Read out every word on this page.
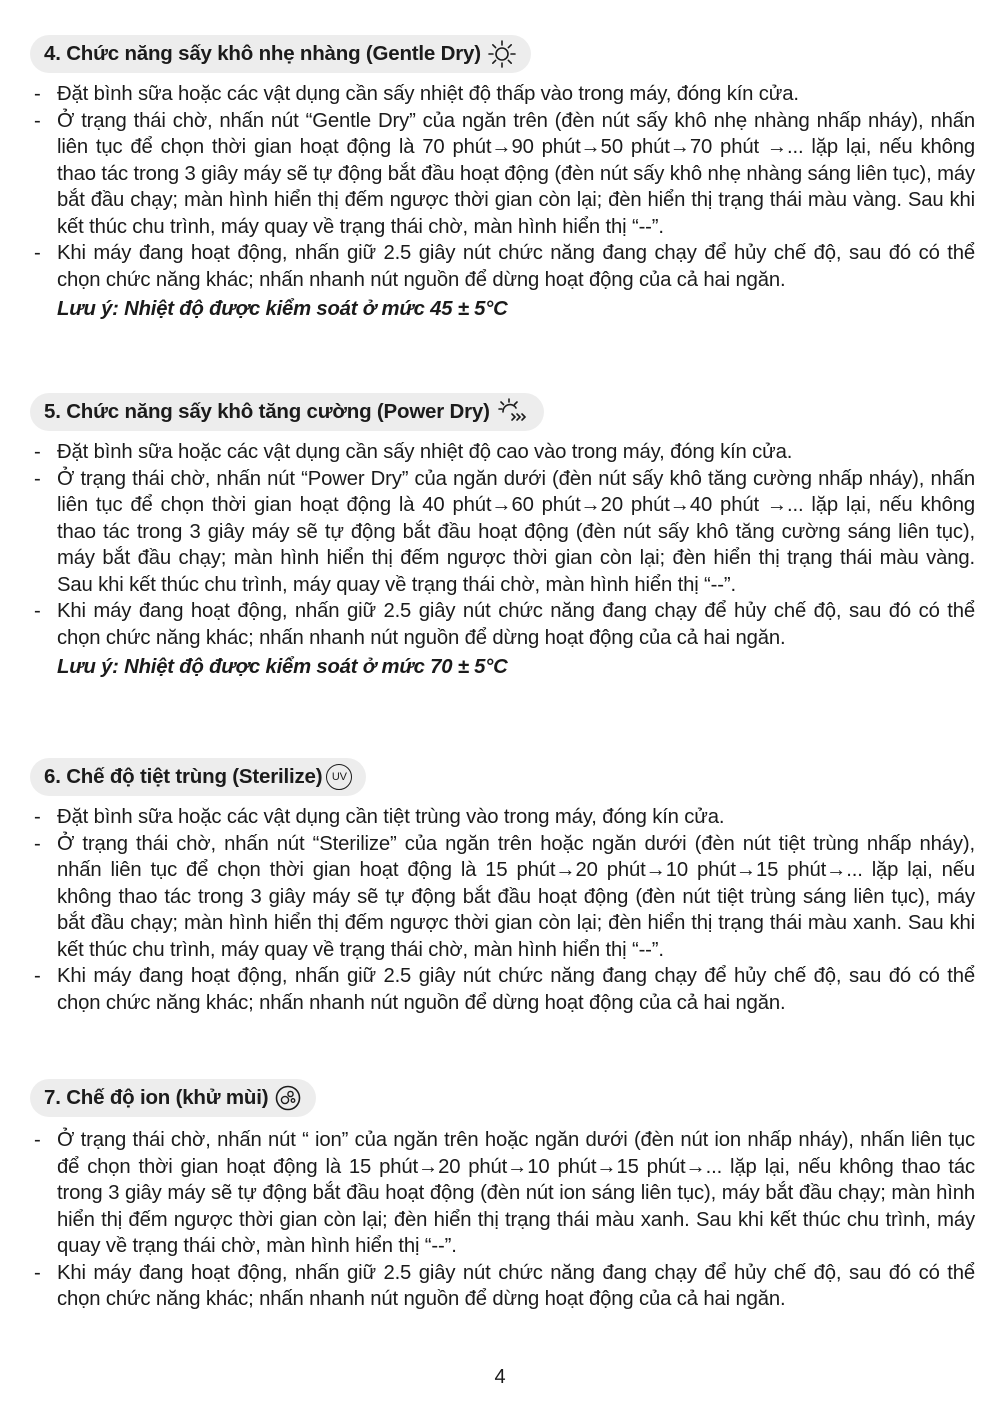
4. Chức năng sấy khô nhẹ nhàng (Gentle Dry)
- Đặt bình sữa hoặc các vật dụng cần sấy nhiệt độ thấp vào trong máy, đóng kín cửa.
- Ở trạng thái chờ, nhấn nút “Gentle Dry” của ngăn trên (đèn nút sấy khô nhẹ nhàng nhấp nháy), nhấn liên tục để chọn thời gian hoạt động là 70 phút→90 phút→50 phút→70 phút →... lặp lại, nếu không thao tác trong 3 giây máy sẽ tự động bắt đầu hoạt động (đèn nút sấy khô nhẹ nhàng sáng liên tục), máy bắt đầu chạy; màn hình hiển thị đếm ngược thời gian còn lại; đèn hiển thị trạng thái màu vàng. Sau khi kết thúc chu trình, máy quay về trạng thái chờ, màn hình hiển thị “--”.
- Khi máy đang hoạt động, nhấn giữ 2.5 giây nút chức năng đang chạy để hủy chế độ, sau đó có thể chọn chức năng khác; nhấn nhanh nút nguồn để dừng hoạt động của cả hai ngăn.
Lưu ý: Nhiệt độ được kiểm soát ở mức 45 ± 5°C
5. Chức năng sấy khô tăng cường (Power Dry)
- Đặt bình sữa hoặc các vật dụng cần sấy nhiệt độ cao vào trong máy, đóng kín cửa.
- Ở trạng thái chờ, nhấn nút “Power Dry” của ngăn dưới (đèn nút sấy khô tăng cường nhấp nháy), nhấn liên tục để chọn thời gian hoạt động là 40 phút→60 phút→20 phút→40 phút →... lặp lại, nếu không thao tác trong 3 giây máy sẽ tự động bắt đầu hoạt động (đèn nút sấy khô tăng cường sáng liên tục), máy bắt đầu chạy; màn hình hiển thị đếm ngược thời gian còn lại; đèn hiển thị trạng thái màu vàng. Sau khi kết thúc chu trình, máy quay về trạng thái chờ, màn hình hiển thị “--”.
- Khi máy đang hoạt động, nhấn giữ 2.5 giây nút chức năng đang chạy để hủy chế độ, sau đó có thể chọn chức năng khác; nhấn nhanh nút nguồn để dừng hoạt động của cả hai ngăn.
Lưu ý: Nhiệt độ được kiểm soát ở mức 70 ± 5°C
6. Chế độ tiệt trùng (Sterilize) UV
- Đặt bình sữa hoặc các vật dụng cần tiệt trùng vào trong máy, đóng kín cửa.
- Ở trạng thái chờ, nhấn nút “Sterilize” của ngăn trên hoặc ngăn dưới (đèn nút tiệt trùng nhấp nháy), nhấn liên tục để chọn thời gian hoạt động là 15 phút→20 phút→10 phút→15 phút→... lặp lại, nếu không thao tác trong 3 giây máy sẽ tự động bắt đầu hoạt động (đèn nút tiệt trùng sáng liên tục), máy bắt đầu chạy; màn hình hiển thị đếm ngược thời gian còn lại; đèn hiển thị trạng thái màu xanh. Sau khi kết thúc chu trình, máy quay về trạng thái chờ, màn hình hiển thị “--”.
- Khi máy đang hoạt động, nhấn giữ 2.5 giây nút chức năng đang chạy để hủy chế độ, sau đó có thể chọn chức năng khác; nhấn nhanh nút nguồn để dừng hoạt động của cả hai ngăn.
7. Chế độ ion (khử mùi)
- Ở trạng thái chờ, nhấn nút “ ion” của ngăn trên hoặc ngăn dưới (đèn nút ion nhấp nháy), nhấn liên tục để chọn thời gian hoạt động là 15 phút→20 phút→10 phút→15 phút→... lặp lại, nếu không thao tác trong 3 giây máy sẽ tự động bắt đầu hoạt động (đèn nút ion sáng liên tục), máy bắt đầu chạy; màn hình hiển thị đếm ngược thời gian còn lại; đèn hiển thị trạng thái màu xanh. Sau khi kết thúc chu trình, máy quay về trạng thái chờ, màn hình hiển thị “--”.
- Khi máy đang hoạt động, nhấn giữ 2.5 giây nút chức năng đang chạy để hủy chế độ, sau đó có thể chọn chức năng khác; nhấn nhanh nút nguồn để dừng hoạt động của cả hai ngăn.
4
